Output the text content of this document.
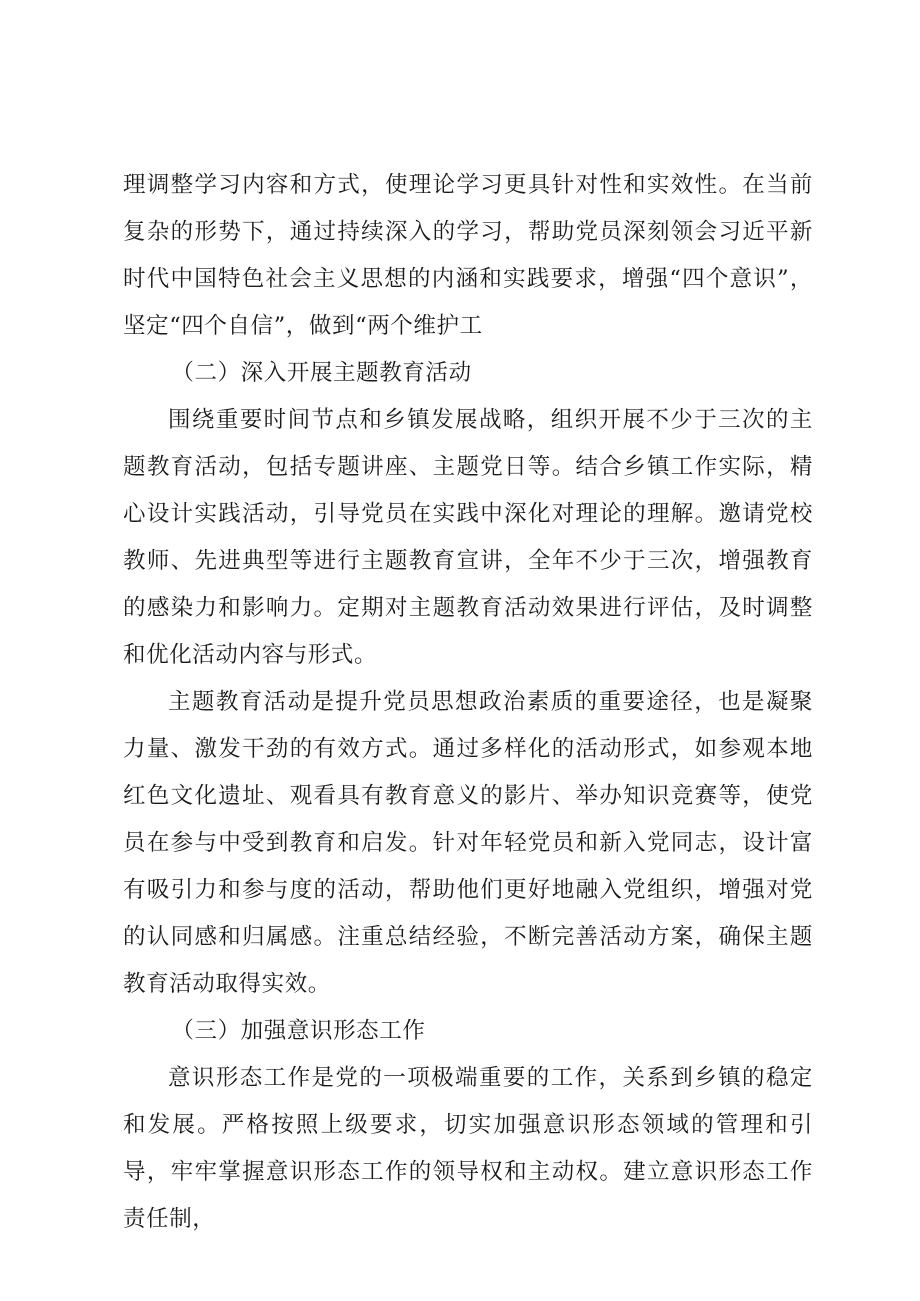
理调整学习内容和方式，使理论学习更具针对性和实效性。在当前复杂的形势下，通过持续深入的学习，帮助党员深刻领会习近平新时代中国特色社会主义思想的内涵和实践要求，增强“四个意识”，坚定“四个自信”，做到“两个维护工

（二）深入开展主题教育活动

围绕重要时间节点和乡镇发展战略，组织开展不少于三次的主题教育活动，包括专题讲座、主题党日等。结合乡镇工作实际，精心设计实践活动，引导党员在实践中深化对理论的理解。邀请党校教师、先进典型等进行主题教育宣讲，全年不少于三次，增强教育的感染力和影响力。定期对主题教育活动效果进行评估，及时调整和优化活动内容与形式。

主题教育活动是提升党员思想政治素质的重要途径，也是凝聚力量、激发干劲的有效方式。通过多样化的活动形式，如参观本地红色文化遗址、观看具有教育意义的影片、举办知识竞赛等，使党员在参与中受到教育和启发。针对年轻党员和新入党同志，设计富有吸引力和参与度的活动，帮助他们更好地融入党组织，增强对党的认同感和归属感。注重总结经验，不断完善活动方案，确保主题教育活动取得实效。

（三）加强意识形态工作

意识形态工作是党的一项极端重要的工作，关系到乡镇的稳定和发展。严格按照上级要求，切实加强意识形态领域的管理和引导，牢牢掌握意识形态工作的领导权和主动权。建立意识形态工作责任制，
